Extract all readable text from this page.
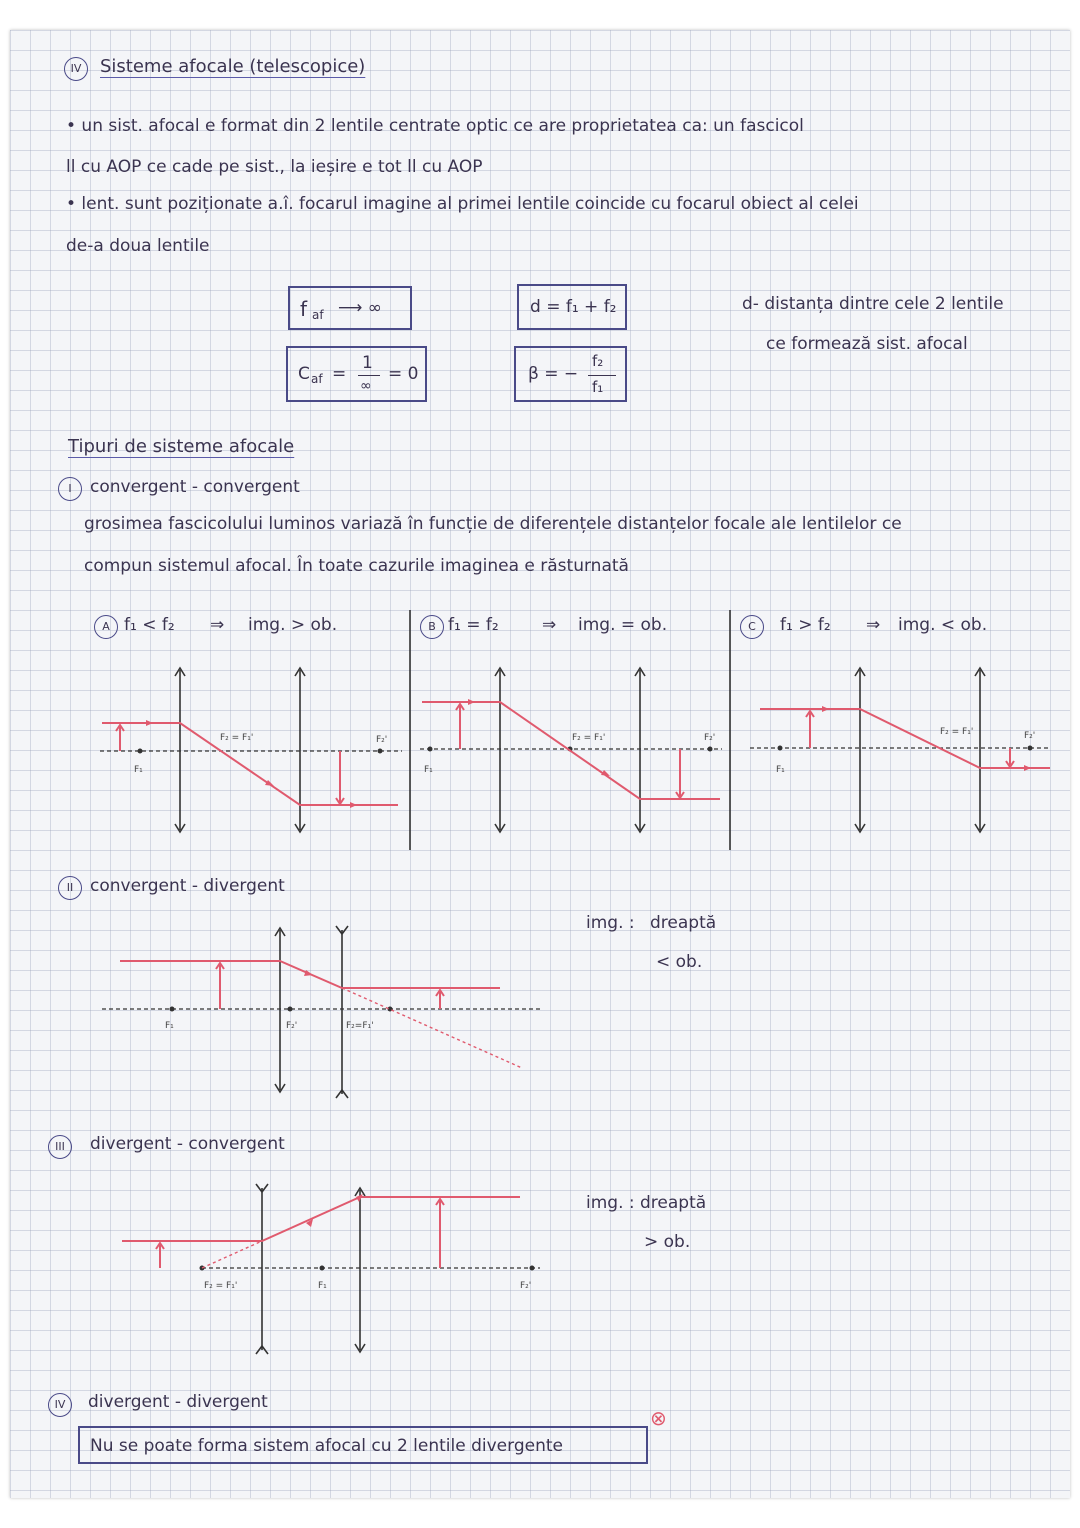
IV	Sisteme afocale (telescopice)
• un sist. afocal e format din 2 lentile centrate optic ce are proprietatea ca: un fascicol
ll cu AOP ce cade pe sist., la ieșire e tot ll cu AOP
• lent. sunt poziționate a.î. focarul imagine al primei lentile coincide cu focarul obiect al celei
de-a doua lentile
f af ⟶ ∞
C af =
1
∞
= 0
d = f₁ + f₂
β = −
f₂
f₁
d- distanța dintre cele 2 lentile
ce formează sist. afocal
Tipuri de sisteme afocale
I	convergent - convergent
grosimea fascicolului luminos variază în funcție de diferențele distanțelor focale ale lentilelor ce
compun sistemul afocal. În toate cazurile imaginea e răsturnată
A f₁ < f₂ ⇒ img. > ob.	B f₁ = f₂	⇒ img. = ob.	C	f₁ > f₂ ⇒ img. < ob.
F₁
F₂ = F₁'	F₂'
F₁
F₂ = F₁'	F₂'
F₁
F₂ = F₁'	F₂'
F₁	F₂'	F₂=F₁'
F₂ = F₁'	F₁	F₂'
II convergent - divergent
img. : dreaptă
< ob.
III	divergent - convergent
img. : dreaptă
> ob.
IV	divergent - divergent
⊗
Nu se poate forma sistem afocal cu 2 lentile divergente
